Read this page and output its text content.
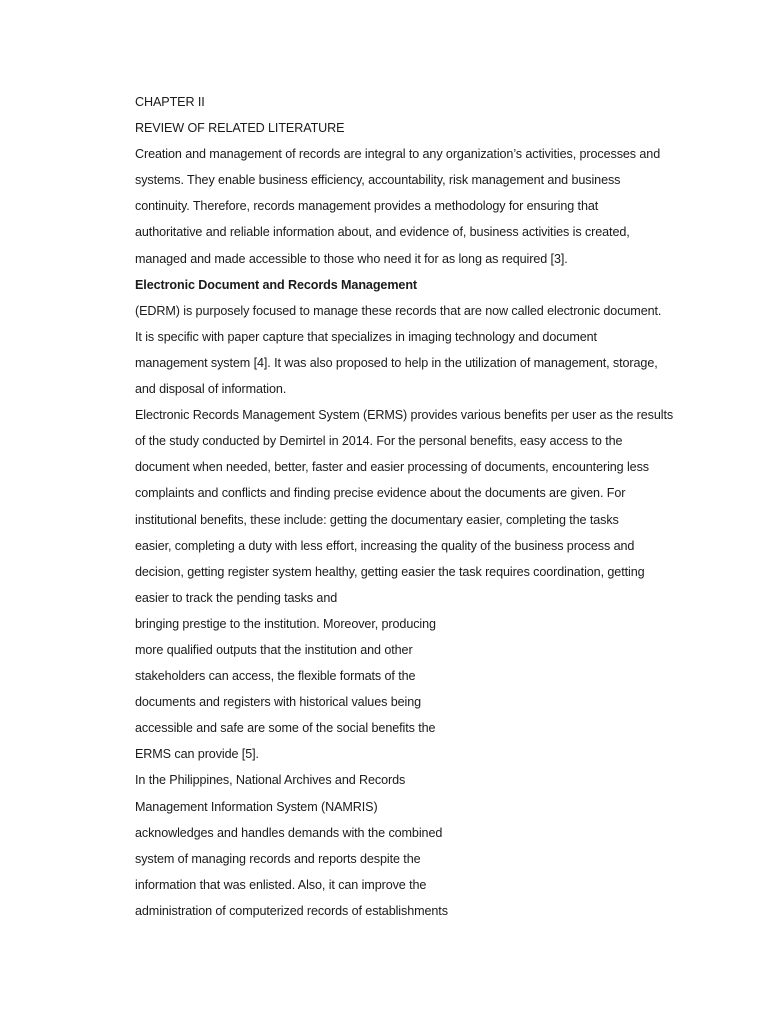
CHAPTER II
REVIEW OF RELATED LITERATURE
Creation and management of records are integral to any organization’s activities, processes and
systems. They enable business efficiency, accountability, risk management and business
continuity. Therefore, records management provides a methodology for ensuring that
authoritative and reliable information about, and evidence of, business activities is created,
managed and made accessible to those who need it for as long as required [3].
Electronic Document and Records Management
(EDRM) is purposely focused to manage these records that are now called electronic document.
It is specific with paper capture that specializes in imaging technology and document
management system [4]. It was also proposed to help in the utilization of management, storage,
and disposal of information.
Electronic Records Management System (ERMS) provides various benefits per user as the results
of the study conducted by Demirtel in 2014. For the personal benefits, easy access to the
document when needed, better, faster and easier processing of documents, encountering less
complaints and conflicts and finding precise evidence about the documents are given. For
institutional benefits, these include: getting the documentary easier, completing the tasks
easier, completing a duty with less effort, increasing the quality of the business process and
decision, getting register system healthy, getting easier the task requires coordination, getting
easier to track the pending tasks and
bringing prestige to the institution. Moreover, producing
more qualified outputs that the institution and other
stakeholders can access, the flexible formats of the
documents and registers with historical values being
accessible and safe are some of the social benefits the
ERMS can provide [5].
In the Philippines, National Archives and Records
Management Information System (NAMRIS)
acknowledges and handles demands with the combined
system of managing records and reports despite the
information that was enlisted. Also, it can improve the
administration of computerized records of establishments
